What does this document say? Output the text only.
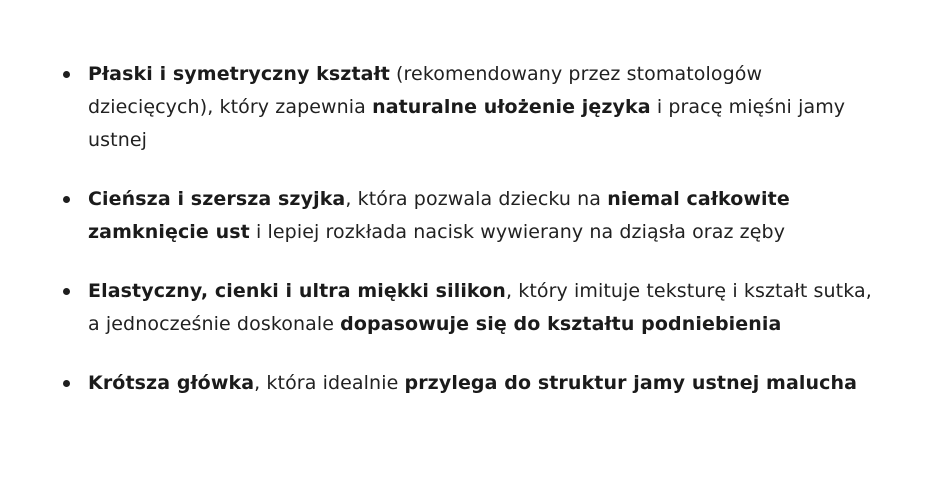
Płaski i symetryczny kształt (rekomendowany przez stomatologów dziecięcych), który zapewnia naturalne ułożenie języka i pracę mięśni jamy ustnej
Cieńsza i szersza szyjka, która pozwala dziecku na niemal całkowite zamknięcie ust i lepiej rozkłada nacisk wywierany na dziąsła oraz zęby
Elastyczny, cienki i ultra miękki silikon, który imituje teksturę i kształt sutka, a jednocześnie doskonale dopasowuje się do kształtu podniebienia
Krótsza główka, która idealnie przylega do struktur jamy ustnej malucha
